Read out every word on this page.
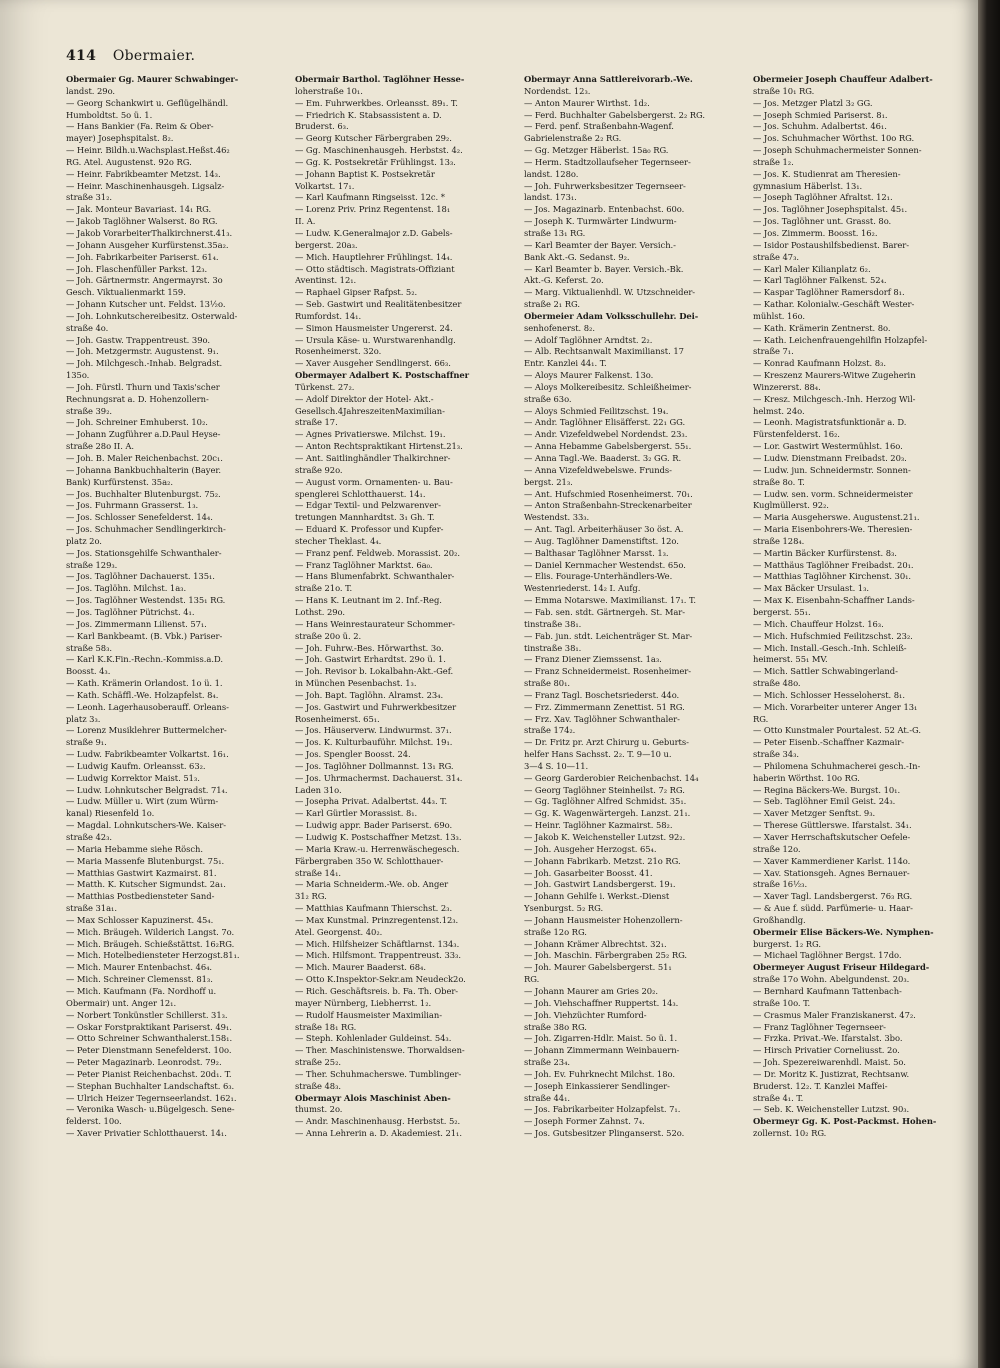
414 Obermaier.
Obermaier Gg. Maurer Schwabinger-
landst. 29o.
— Georg Schankwirt u. Geflügelhändl.
Humboldtst. 5o ü. 1.
— Hans Bankier (Fa. Reim & Ober-
mayer) Josephspitalst. 8₂.
— Heinr. Bildh.u.Wachsplast.Heßst.46₂
RG. Atel. Augustenst. 92o RG.
— Heinr. Fabrikbeamter Metzst. 14₃.
— Heinr. Maschinenhausgeh. Ligsalz-
straße 31₂.
— Jak. Monteur Bavariast. 14₁ RG.
— Jakob Taglöhner Walserst. 8o RG.
— Jakob VorarbeiterThalkirchnerst.41₃.
— Johann Ausgeher Kurfürstenst.35a₂.
— Joh. Fabrikarbeiter Pariserst. 61₄.
— Joh. Flaschenfüller Parkst. 12₃.
— Joh. Gärtnermstr. Angermayrst. 3o
Gesch. Viktualienmarkt 159.
— Johann Kutscher unt. Feldst. 13½o.
— Joh. Lohnkutschereibesitz. Osterwald-
straße 4o.
— Joh. Gastw. Trappentreust. 39o.
— Joh. Metzgermstr. Augustenst. 9₁.
— Joh. Milchgesch.-Inhab. Belgradst.
135o.
— Joh. Fürstl. Thurn und Taxis'scher
Rechnungsrat a. D. Hohenzollern-
straße 39₂.
— Joh. Schreiner Emhuberst. 10₂.
— Johann Zugführer a.D.Paul Heyse-
straße 28o II. A.
— Joh. B. Maler Reichenbachst. 20c₁.
— Johanna Bankbuchhalterin (Bayer.
Bank) Kurfürstenst. 35a₂.
— Jos. Buchhalter Blutenburgst. 75₂.
— Jos. Fuhrmann Grasserst. 1₃.
— Jos. Schlosser Senefelderst. 14₄.
— Jos. Schuhmacher Sendlingerkirch-
platz 2o.
— Jos. Stationsgehilfe Schwanthaler-
straße 129₃.
— Jos. Taglöhner Dachauerst. 135₁.
— Jos. Taglöhn. Milchst. 1a₃.
— Jos. Taglöhner Westendst. 135₁ RG.
— Jos. Taglöhner Pütrichst. 4₁.
— Jos. Zimmermann Lilienst. 57₁.
— Karl Bankbeamt. (B. Vbk.) Pariser-
straße 58₃.
— Karl K.K.Fin.-Rechn.-Kommiss.a.D.
Boosst. 4₃.
— Kath. Krämerin Orlandost. 1o ü. 1.
— Kath. Schäffl.-We. Holzapfelst. 8₄.
— Leonh. Lagerhausoberauff. Orleans-
platz 3₃.
— Lorenz Musiklehrer Buttermelcher-
straße 9₁.
— Ludw. Fabrikbeamter Volkartst. 16₁.
— Ludwig Kaufm. Orleansst. 63₂.
— Ludwig Korrektor Maist. 51₃.
— Ludw. Lohnkutscher Belgradst. 71₄.
— Ludw. Müller u. Wirt (zum Würm-
kanal) Riesenfeld 1o.
— Magdal. Lohnkutschers-We. Kaiser-
straße 42₃.
— Maria Hebamme siehe Rösch.
— Maria Massenfe Blutenburgst. 75₁.
— Matthias Gastwirt Kazmairst. 81.
— Matth. K. Kutscher Sigmundst. 2a₁.
— Matthias Postbediensteter Sand-
straße 31a₁.
— Max Schlosser Kapuzinerst. 45₄.
— Mich. Bräugeh. Wilderich Langst. 7o.
— Mich. Bräugeh. Schießstättst. 16₂RG.
— Mich. Hotelbediensteter Herzogst.81₁.
— Mich. Maurer Entenbachst. 46₄.
— Mich. Schreiner Clemensst. 81₃.
— Mich. Kaufmann (Fa. Nordhoff u.
Obermair) unt. Anger 12₁.
— Norbert Tonkünstler Schillerst. 31₃.
— Oskar Forstpraktikant Pariserst. 49₁.
— Otto Schreiner Schwanthalerst.158₁.
— Peter Dienstmann Senefelderst. 10o.
— Peter Magazinarb. Leonrodst. 79₂.
— Peter Pianist Reichenbachst. 20d₁. T.
— Stephan Buchhalter Landschaftst. 6₃.
— Ulrich Heizer Tegernseerlandst. 162₁.
— Veronika Wasch- u.Bügelgesch. Sene-
felderst. 10o.
— Xaver Privatier Schlotthauerst. 14₁.
Obermair Barthol. Taglöhner Hesse-
loherstraße 10₁.
— Em. Fuhrwerkbes. Orleansst. 89₁. T.
— Friedrich K. Stabsassistent a. D.
Bruderst. 6₃.
— Georg Kutscher Färbergraben 29₂.
— Gg. Maschinenhausgeh. Herbstst. 4₂.
— Gg. K. Postsekretär Frühlingst. 13₃.
— Johann Baptist K. Postsekretär
Volkartst. 17₁.
— Karl Kaufmann Ringseisst. 12c. *
— Lorenz Priv. Prinz Regentenst. 18₁
II. A.
— Ludw. K.Generalmajor z.D. Gabels-
bergerst. 20a₃.
— Mich. Hauptlehrer Frühlingst. 14₄.
— Otto städtisch. Magistrats-Offiziant
Aventinst. 12₁.
— Raphael Gipser Rafpst. 5₂.
— Seb. Gastwirt und Realitätenbesitzer
Rumfordst. 14₁.
— Simon Hausmeister Ungererst. 24.
— Ursula Käse- u. Wurstwarenhandlg.
Rosenheimerst. 32o.
— Xaver Ausgeher Sendlingerst. 66₃.
Obermayer Adalbert K. Postschaffner
Türkenst. 27₂.
— Adolf Direktor der Hotel- Akt.-
Gesellsch.4JahreszeitenMaximilian-
straße 17.
— Agnes Privatierswe. Milchst. 19₁.
— Anton Rechtspraktikant Hirtenst.21₃.
— Ant. Saitlinghändler Thalkirchner-
straße 92o.
— August vorm. Ornamenten- u. Bau-
spenglerei Schlotthauerst. 14₁.
— Edgar Textil- und Pelzwarenver-
tretungen Mannhardtst. 3₁ Gh. T.
— Eduard K. Professor und Kupfer-
stecher Theklast. 4₄.
— Franz penf. Feldweb. Morassist. 20₂.
— Franz Taglöhner Marktst. 6a₀.
— Hans Blumenfabrkt. Schwanthaler-
straße 21o. T.
— Hans K. Leutnant im 2. Inf.-Reg.
Lothst. 29o.
— Hans Weinrestaurateur Schommer-
straße 20o ü. 2.
— Joh. Fuhrw.-Bes. Hörwarthst. 3o.
— Joh. Gastwirt Erhardtst. 29o ü. 1.
— Joh. Revisor b. Lokalbahn-Akt.-Gef.
in München Pesenbachst. 1₃.
— Joh. Bapt. Taglöhn. Alramst. 23₄.
— Jos. Gastwirt und Fuhrwerkbesitzer
Rosenheimerst. 65₁.
— Jos. Häuserverw. Lindwurmst. 37₁.
— Jos. K. Kulturbauführ. Milchst. 19₁.
— Jos. Spengler Boosst. 24.
— Jos. Taglöhner Dollmannst. 13₁ RG.
— Jos. Uhrmachermst. Dachauerst. 31₄.
Laden 31o.
— Josepha Privat. Adalbertst. 44₃. T.
— Karl Gürtler Morassist. 8₁.
— Ludwig appr. Bader Pariserst. 69o.
— Ludwig K. Postschaffner Metzst. 13₃.
— Maria Kraw.-u. Herrenwäschegesch.
Färbergraben 35o W. Schlotthauer-
straße 14₁.
— Maria Schneiderm.-We. ob. Anger
31₂ RG.
— Matthias Kaufmann Thierschst. 2₃.
— Max Kunstmal. Prinzregentenst.12₃.
Atel. Georgenst. 40₂.
— Mich. Hilfsheizer Schäftlarnst. 134₃.
— Mich. Hilfsmont. Trappentreust. 33₃.
— Mich. Maurer Baaderst. 68₄.
— Otto K.Inspektor-Sekr.am Neudeck2o.
— Rich. Geschäftsreis. b. Fa. Th. Ober-
mayer Nürnberg, Liebherrst. 1₂.
— Rudolf Hausmeister Maximilian-
straße 18₁ RG.
— Steph. Kohlenlader Guldeinst. 54₃.
— Ther. Maschinistenswe. Thorwaldsen-
straße 25₂.
— Ther. Schuhmacherswe. Tumblinger-
straße 48₃.
Obermayr Alois Maschinist Aben-
thumst. 2o.
— Andr. Maschinenhausg. Herbstst. 5₂.
— Anna Lehrerin a. D. Akademiest. 21₁.
Obermayr Anna Sattlereivorarb.-We.
Nordendst. 12₃.
— Anton Maurer Wirthst. 1d₂.
— Ferd. Buchhalter Gabelsbergerst. 2₂ RG.
— Ferd. penf. Straßenbahn-Wagenf.
Gabrielenstraße 2₂ RG.
— Gg. Metzger Häberlst. 15a₀ RG.
— Herm. Stadtzollaufseher Tegernseer-
landst. 128o.
— Joh. Fuhrwerksbesitzer Tegernseer-
landst. 173₁.
— Jos. Magazinarb. Entenbachst. 60o.
— Joseph K. Turmwärter Lindwurm-
straße 13₁ RG.
— Karl Beamter der Bayer. Versich.-
Bank Akt.-G. Sedanst. 9₂.
— Karl Beamter b. Bayer. Versich.-Bk.
Akt.-G. Keferst. 2o.
— Marg. Viktualienhdl. W. Utzschneider-
straße 2₁ RG.
Obermeier Adam Volksschullehr. Dei-
senhofenerst. 8₂.
— Adolf Taglöhner Arndtst. 2₂.
— Alb. Rechtsanwalt Maximilianst. 17
Entr. Kanzlei 44₁. T.
— Aloys Maurer Falkenst. 13o.
— Aloys Molkereibesitz. Schleißheimer-
straße 63o.
— Aloys Schmied Feilitzschst. 19₄.
— Andr. Taglöhner Elisäfferst. 22₁ GG.
— Andr. Vizefeldwebel Nordendst. 23₃.
— Anna Hebamme Gabelsbergerst. 55₁.
— Anna Tagl.-We. Baaderst. 3₂ GG. R.
— Anna Vizefeldwebelswe. Frunds-
bergst. 21₃.
— Ant. Hufschmied Rosenheimerst. 70₁.
— Anton Straßenbahn-Streckenarbeiter
Westendst. 33₃.
— Ant. Tagl. Arbeiterhäuser 3o öst. A.
— Aug. Taglöhner Damenstiftst. 12o.
— Balthasar Taglöhner Marsst. 1₃.
— Daniel Kernmacher Westendst. 65o.
— Elis. Fourage-Unterhändlers-We.
Westenriederst. 14₂ I. Aufg.
— Emma Notarswe. Maximilianst. 17₁. T.
— Fab. sen. stdt. Gärtnergeh. St. Mar-
tinstraße 38₁.
— Fab. jun. stdt. Leichenträger St. Mar-
tinstraße 38₁.
— Franz Diener Ziemssenst. 1a₃.
— Franz Schneidermeist. Rosenheimer-
straße 80₁.
— Franz Tagl. Boschetsriederst. 44o.
— Frz. Zimmermann Zenettist. 51 RG.
— Frz. Xav. Taglöhner Schwanthaler-
straße 174₂.
— Dr. Fritz pr. Arzt Chirurg u. Geburts-
helfer Hans Sachsst. 2₂. T. 9—10 u.
3—4 S. 10—11.
— Georg Garderobier Reichenbachst. 14₄
— Georg Taglöhner Steinheilst. 7₂ RG.
— Gg. Taglöhner Alfred Schmidst. 35₁.
— Gg. K. Wagenwärtergeh. Lanzst. 21₁.
— Heinr. Taglöhner Kazmairst. 58₂.
— Jakob K. Weichensteller Lutzst. 92₂.
— Joh. Ausgeher Herzogst. 65₄.
— Johann Fabrikarb. Metzst. 21o RG.
— Joh. Gasarbeiter Boosst. 41.
— Joh. Gastwirt Landsbergerst. 19₁.
— Johann Gehilfe i. Werkst.-Dienst
Ysenburgst. 5₂ RG.
— Johann Hausmeister Hohenzollern-
straße 12o RG.
— Johann Krämer Albrechtst. 32₁.
— Joh. Maschin. Färbergraben 25₂ RG.
— Joh. Maurer Gabelsbergerst. 51₁
RG.
— Johann Maurer am Gries 20₂.
— Joh. Viehschaffner Ruppertst. 14₃.
— Joh. Viehzüchter Rumford-
straße 38o RG.
— Joh. Zigarren-Hdlr. Maist. 5o ü. 1.
— Johann Zimmermann Weinbauern-
straße 23₄.
— Joh. Ev. Fuhrknecht Milchst. 18o.
— Joseph Einkassierer Sendlinger-
straße 44₁.
— Jos. Fabrikarbeiter Holzapfelst. 7₁.
— Joseph Former Zahnst. 7₄.
— Jos. Gutsbesitzer Plinganserst. 52o.
Obermeier Joseph Chauffeur Adalbert-
straße 10₁ RG.
— Jos. Metzger Platzl 3₂ GG.
— Joseph Schmied Pariserst. 8₁.
— Jos. Schuhm. Adalbertst. 46₁.
— Jos. Schuhmacher Wörthst. 10o RG.
— Joseph Schuhmachermeister Sonnen-
straße 1₂.
— Jos. K. Studienrat am Theresien-
gymnasium Häberlst. 13₁.
— Joseph Taglöhner Afraltst. 12₁.
— Jos. Taglöhner Josephspitalst. 45₁.
— Jos. Taglöhner unt. Grasst. 8o.
— Jos. Zimmerm. Boosst. 16₂.
— Isidor Postaushilfsbedienst. Barer-
straße 47₃.
— Karl Maler Kilianplatz 6₂.
— Karl Taglöhner Falkenst. 52₄.
— Kaspar Taglöhner Ramersdorf 8₁.
— Kathar. Kolonialw.-Geschäft Wester-
mühlst. 16o.
— Kath. Krämerin Zentnerst. 8o.
— Kath. Leichenfrauengehilfin Holzapfel-
straße 7₁.
— Konrad Kaufmann Holzst. 8₃.
— Kreszenz Maurers-Witwe Zugeherin
Winzererst. 88₄.
— Kresz. Milchgesch.-Inh. Herzog Wil-
helmst. 24o.
— Leonh. Magistratsfunktionär a. D.
Fürstenfelderst. 16₂.
— Lor. Gastwirt Westermühlst. 16o.
— Ludw. Dienstmann Freibadst. 20₃.
— Ludw. jun. Schneidermstr. Sonnen-
straße 8o. T.
— Ludw. sen. vorm. Schneidermeister
Kuglmüllerst. 92₂.
— Maria Ausgeherswe. Augustenst.21₁.
— Maria Eisenbohrers-We. Theresien-
straße 128₄.
— Martin Bäcker Kurfürstenst. 8₃.
— Matthäus Taglöhner Freibadst. 20₁.
— Matthias Taglöhner Kirchenst. 30₁.
— Max Bäcker Ursulast. 1₃.
— Max K. Eisenbahn-Schaffner Lands-
bergerst. 55₁.
— Mich. Chauffeur Holzst. 16₃.
— Mich. Hufschmied Feilitzschst. 23₂.
— Mich. Install.-Gesch.-Inh. Schleiß-
heimerst. 55₁ MV.
— Mich. Sattler Schwabingerland-
straße 48o.
— Mich. Schlosser Hesseloherst. 8₁.
— Mich. Vorarbeiter unterer Anger 13₁
RG.
— Otto Kunstmaler Pourtalest. 52 At.-G.
— Peter Eisenb.-Schaffner Kazmair-
straße 34₃.
— Philomena Schuhmacherei gesch.-In-
haberin Wörthst. 10o RG.
— Regina Bäckers-We. Burgst. 10₁.
— Seb. Taglöhner Emil Geist. 24₃.
— Xaver Metzger Senftst. 9₃.
— Therese Güttlerswe. Ifarstalst. 34₁.
— Xaver Herrschaftskutscher Oefele-
straße 12o.
— Xaver Kammerdiener Karlst. 114o.
— Xav. Stationsgeh. Agnes Bernauer-
straße 16½₃.
— Xaver Tagl. Landsbergerst. 76₃ RG.
— & Aue f. südd. Parfümerie- u. Haar-
Großhandlg.
Obermeir Elise Bäckers-We. Nymphen-
burgerst. 1₂ RG.
— Michael Taglöhner Bergst. 17do.
Obermeyer August Friseur Hildegard-
straße 17o Wohn. Abelgundenst. 20₃.
— Bernhard Kaufmann Tattenbach-
straße 10o. T.
— Crasmus Maler Franziskanerst. 47₂.
— Franz Taglöhner Tegernseer-
— Frzka. Privat.-We. Ifarstalst. 3bo.
— Hirsch Privatier Corneliusst. 2o.
— Joh. Spezereiwarenhdl. Maist. 5o.
— Dr. Moritz K. Justizrat, Rechtsanw.
Bruderst. 12₂. T. Kanzlei Maffei-
straße 4₁. T.
— Seb. K. Weichensteller Lutzst. 90₃.
Obermeyr Gg. K. Post-Packmst. Hohen-
zollernst. 10₂ RG.
